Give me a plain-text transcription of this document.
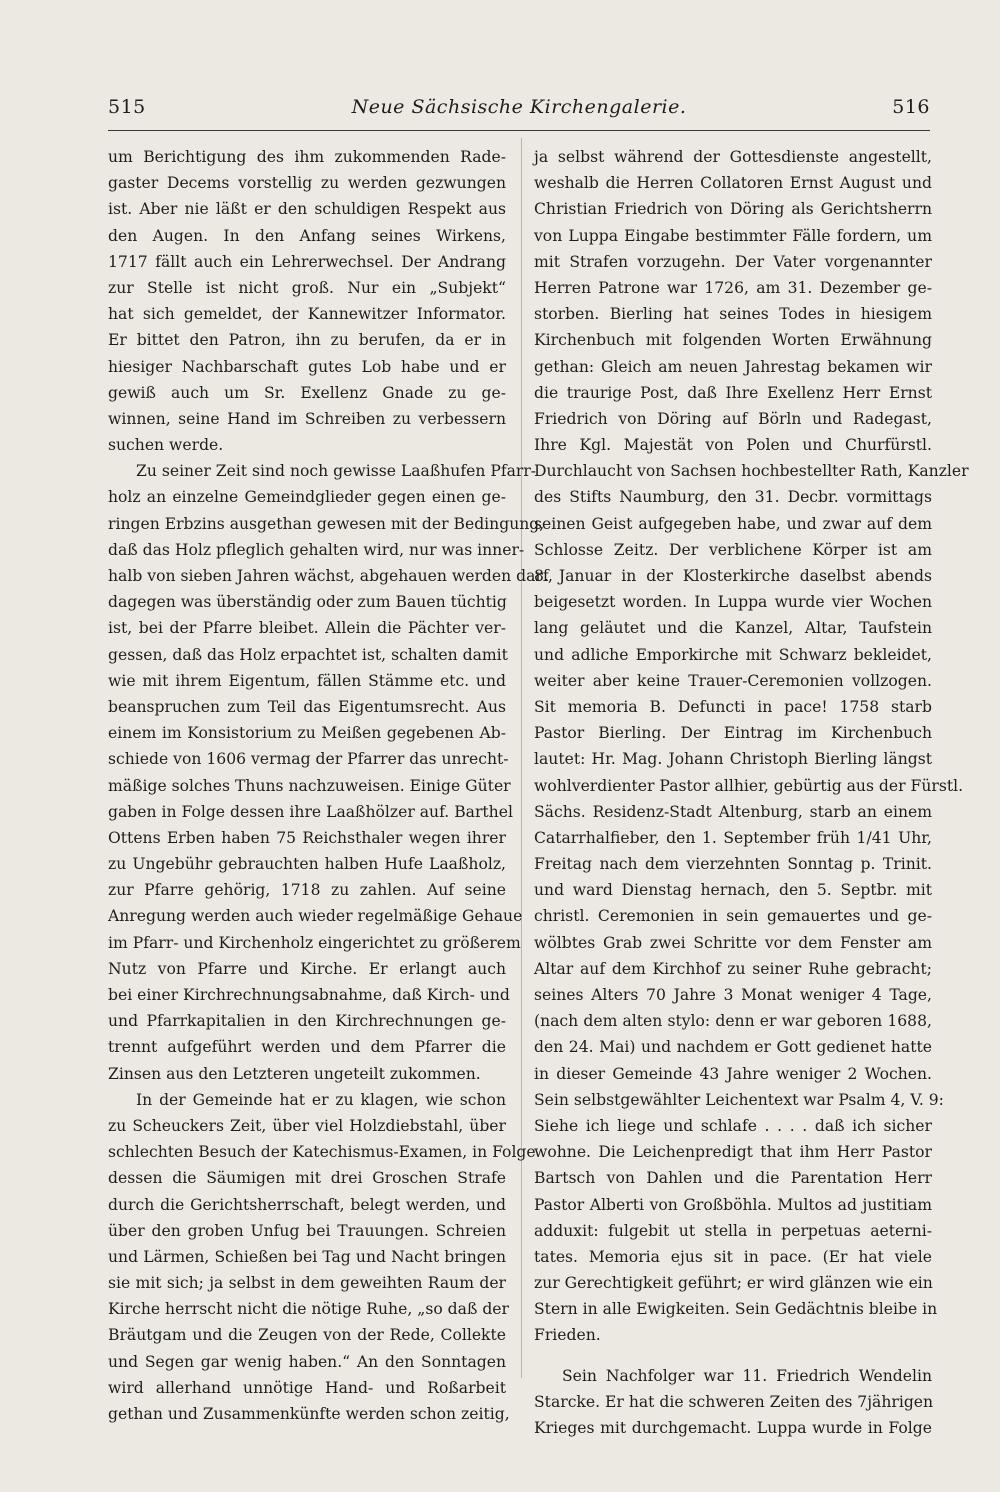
515	Neue Sächsische Kirchengalerie.	516
um Berichtigung des ihm zukommenden Rade-
gaster Decems vorstellig zu werden gezwungen
ist. Aber nie läßt er den schuldigen Respekt aus
den Augen. In den Anfang seines Wirkens,
1717 fällt auch ein Lehrerwechsel. Der Andrang
zur Stelle ist nicht groß. Nur ein „Subjekt“
hat sich gemeldet, der Kannewitzer Informator.
Er bittet den Patron, ihn zu berufen, da er in
hiesiger Nachbarschaft gutes Lob habe und er
gewiß auch um Sr. Exellenz Gnade zu ge-
winnen, seine Hand im Schreiben zu verbessern
suchen werde.
Zu seiner Zeit sind noch gewisse Laaßhufen Pfarr-
holz an einzelne Gemeindglieder gegen einen ge-
ringen Erbzins ausgethan gewesen mit der Bedingung,
daß das Holz pfleglich gehalten wird, nur was inner-
halb von sieben Jahren wächst, abgehauen werden darf,
dagegen was überständig oder zum Bauen tüchtig
ist, bei der Pfarre bleibet. Allein die Pächter ver-
gessen, daß das Holz erpachtet ist, schalten damit
wie mit ihrem Eigentum, fällen Stämme etc. und
beanspruchen zum Teil das Eigentumsrecht. Aus
einem im Konsistorium zu Meißen gegebenen Ab-
schiede von 1606 vermag der Pfarrer das unrecht-
mäßige solches Thuns nachzuweisen. Einige Güter
gaben in Folge dessen ihre Laaßhölzer auf. Barthel
Ottens Erben haben 75 Reichsthaler wegen ihrer
zu Ungebühr gebrauchten halben Hufe Laaßholz,
zur Pfarre gehörig, 1718 zu zahlen. Auf seine
Anregung werden auch wieder regelmäßige Gehaue
im Pfarr- und Kirchenholz eingerichtet zu größerem
Nutz von Pfarre und Kirche. Er erlangt auch
bei einer Kirchrechnungsabnahme, daß Kirch- und
und Pfarrkapitalien in den Kirchrechnungen ge-
trennt aufgeführt werden und dem Pfarrer die
Zinsen aus den Letzteren ungeteilt zukommen.
In der Gemeinde hat er zu klagen, wie schon
zu Scheuckers Zeit, über viel Holzdiebstahl, über
schlechten Besuch der Katechismus-Examen, in Folge
dessen die Säumigen mit drei Groschen Strafe
durch die Gerichtsherrschaft, belegt werden, und
über den groben Unfug bei Trauungen. Schreien
und Lärmen, Schießen bei Tag und Nacht bringen
sie mit sich; ja selbst in dem geweihten Raum der
Kirche herrscht nicht die nötige Ruhe, „so daß der
Bräutgam und die Zeugen von der Rede, Collekte
und Segen gar wenig haben.“ An den Sonntagen
wird allerhand unnötige Hand- und Roßarbeit
gethan und Zusammenkünfte werden schon zeitig,
ja selbst während der Gottesdienste angestellt,
weshalb die Herren Collatoren Ernst August und
Christian Friedrich von Döring als Gerichtsherrn
von Luppa Eingabe bestimmter Fälle fordern, um
mit Strafen vorzugehn. Der Vater vorgenannter
Herren Patrone war 1726, am 31. Dezember ge-
storben. Bierling hat seines Todes in hiesigem
Kirchenbuch mit folgenden Worten Erwähnung
gethan: Gleich am neuen Jahrestag bekamen wir
die traurige Post, daß Ihre Exellenz Herr Ernst
Friedrich von Döring auf Börln und Radegast,
Ihre Kgl. Majestät von Polen und Churfürstl.
Durchlaucht von Sachsen hochbestellter Rath, Kanzler
des Stifts Naumburg, den 31. Decbr. vormittags
seinen Geist aufgegeben habe, und zwar auf dem
Schlosse Zeitz. Der verblichene Körper ist am
8. Januar in der Klosterkirche daselbst abends
beigesetzt worden. In Luppa wurde vier Wochen
lang geläutet und die Kanzel, Altar, Taufstein
und adliche Emporkirche mit Schwarz bekleidet,
weiter aber keine Trauer-Ceremonien vollzogen.
Sit memoria B. Defuncti in pace! 1758 starb
Pastor Bierling. Der Eintrag im Kirchenbuch
lautet: Hr. Mag. Johann Christoph Bierling längst
wohlverdienter Pastor allhier, gebürtig aus der Fürstl.
Sächs. Residenz-Stadt Altenburg, starb an einem
Catarrhalfieber, den 1. September früh 1/41 Uhr,
Freitag nach dem vierzehnten Sonntag p. Trinit.
und ward Dienstag hernach, den 5. Septbr. mit
christl. Ceremonien in sein gemauertes und ge-
wölbtes Grab zwei Schritte vor dem Fenster am
Altar auf dem Kirchhof zu seiner Ruhe gebracht;
seines Alters 70 Jahre 3 Monat weniger 4 Tage,
(nach dem alten stylo: denn er war geboren 1688,
den 24. Mai) und nachdem er Gott gedienet hatte
in dieser Gemeinde 43 Jahre weniger 2 Wochen.
Sein selbstgewählter Leichentext war Psalm 4, V. 9:
Siehe ich liege und schlafe . . . . daß ich sicher
wohne. Die Leichenpredigt that ihm Herr Pastor
Bartsch von Dahlen und die Parentation Herr
Pastor Alberti von Großböhla. Multos ad justitiam
adduxit: fulgebit ut stella in perpetuas aeterni-
tates. Memoria ejus sit in pace. (Er hat viele
zur Gerechtigkeit geführt; er wird glänzen wie ein
Stern in alle Ewigkeiten. Sein Gedächtnis bleibe in
Frieden.
Sein Nachfolger war 11. Friedrich Wendelin
Starcke. Er hat die schweren Zeiten des 7jährigen
Krieges mit durchgemacht. Luppa wurde in Folge
